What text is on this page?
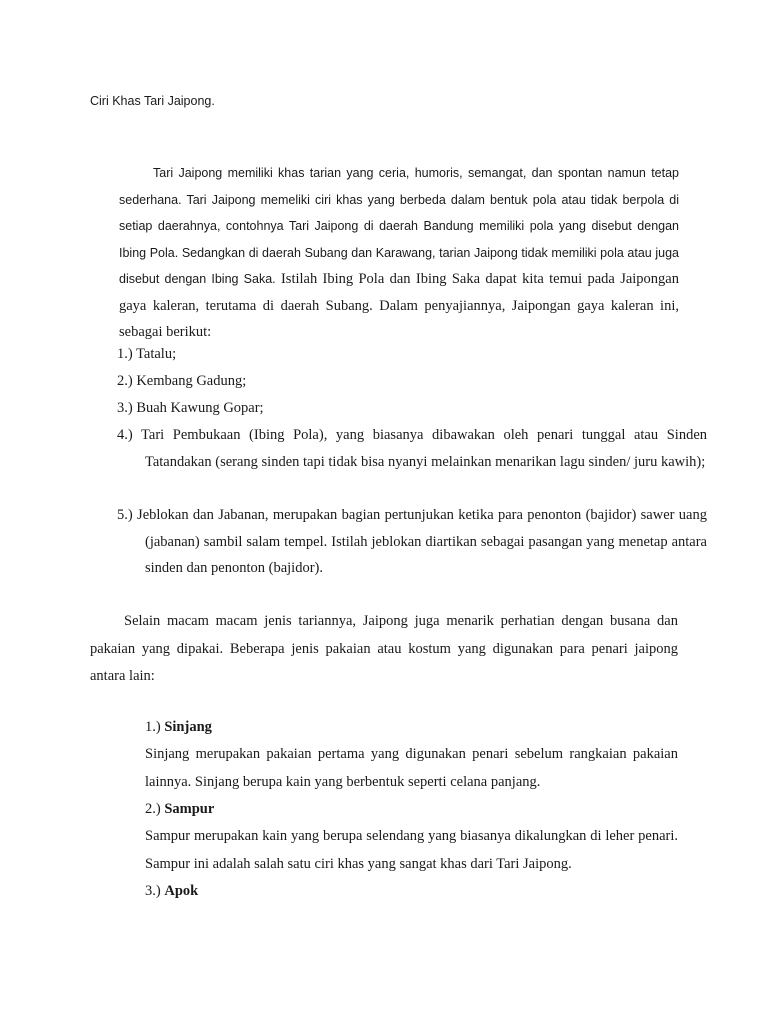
Ciri Khas Tari Jaipong.
Tari Jaipong memiliki khas tarian yang ceria, humoris, semangat, dan spontan namun tetap sederhana. Tari Jaipong memeliki ciri khas yang berbeda dalam bentuk pola atau tidak berpola di setiap daerahnya, contohnya Tari Jaipong di daerah Bandung memiliki pola yang disebut dengan Ibing Pola. Sedangkan di daerah Subang dan Karawang, tarian Jaipong tidak memiliki pola atau juga disebut dengan Ibing Saka. Istilah Ibing Pola dan Ibing Saka dapat kita temui pada Jaipongan gaya kaleran, terutama di daerah Subang. Dalam penyajiannya, Jaipongan gaya kaleran ini, sebagai berikut:
1.) Tatalu;
2.) Kembang Gadung;
3.) Buah Kawung Gopar;
4.) Tari Pembukaan (Ibing Pola), yang biasanya dibawakan oleh penari tunggal atau Sinden Tatandakan (serang sinden tapi tidak bisa nyanyi melainkan menarikan lagu sinden/ juru kawih);
5.) Jeblokan dan Jabanan, merupakan bagian pertunjukan ketika para penonton (bajidor) sawer uang (jabanan) sambil salam tempel. Istilah jeblokan diartikan sebagai pasangan yang menetap antara sinden dan penonton (bajidor).
Selain macam macam jenis tariannya, Jaipong juga menarik perhatian dengan busana dan pakaian yang dipakai. Beberapa jenis pakaian atau kostum yang digunakan para penari jaipong antara lain:
1.) Sinjang
Sinjang merupakan pakaian pertama yang digunakan penari sebelum rangkaian pakaian lainnya. Sinjang berupa kain yang berbentuk seperti celana panjang.
2.) Sampur
Sampur merupakan kain yang berupa selendang yang biasanya dikalungkan di leher penari. Sampur ini adalah salah satu ciri khas yang sangat khas dari Tari Jaipong.
3.) Apok
